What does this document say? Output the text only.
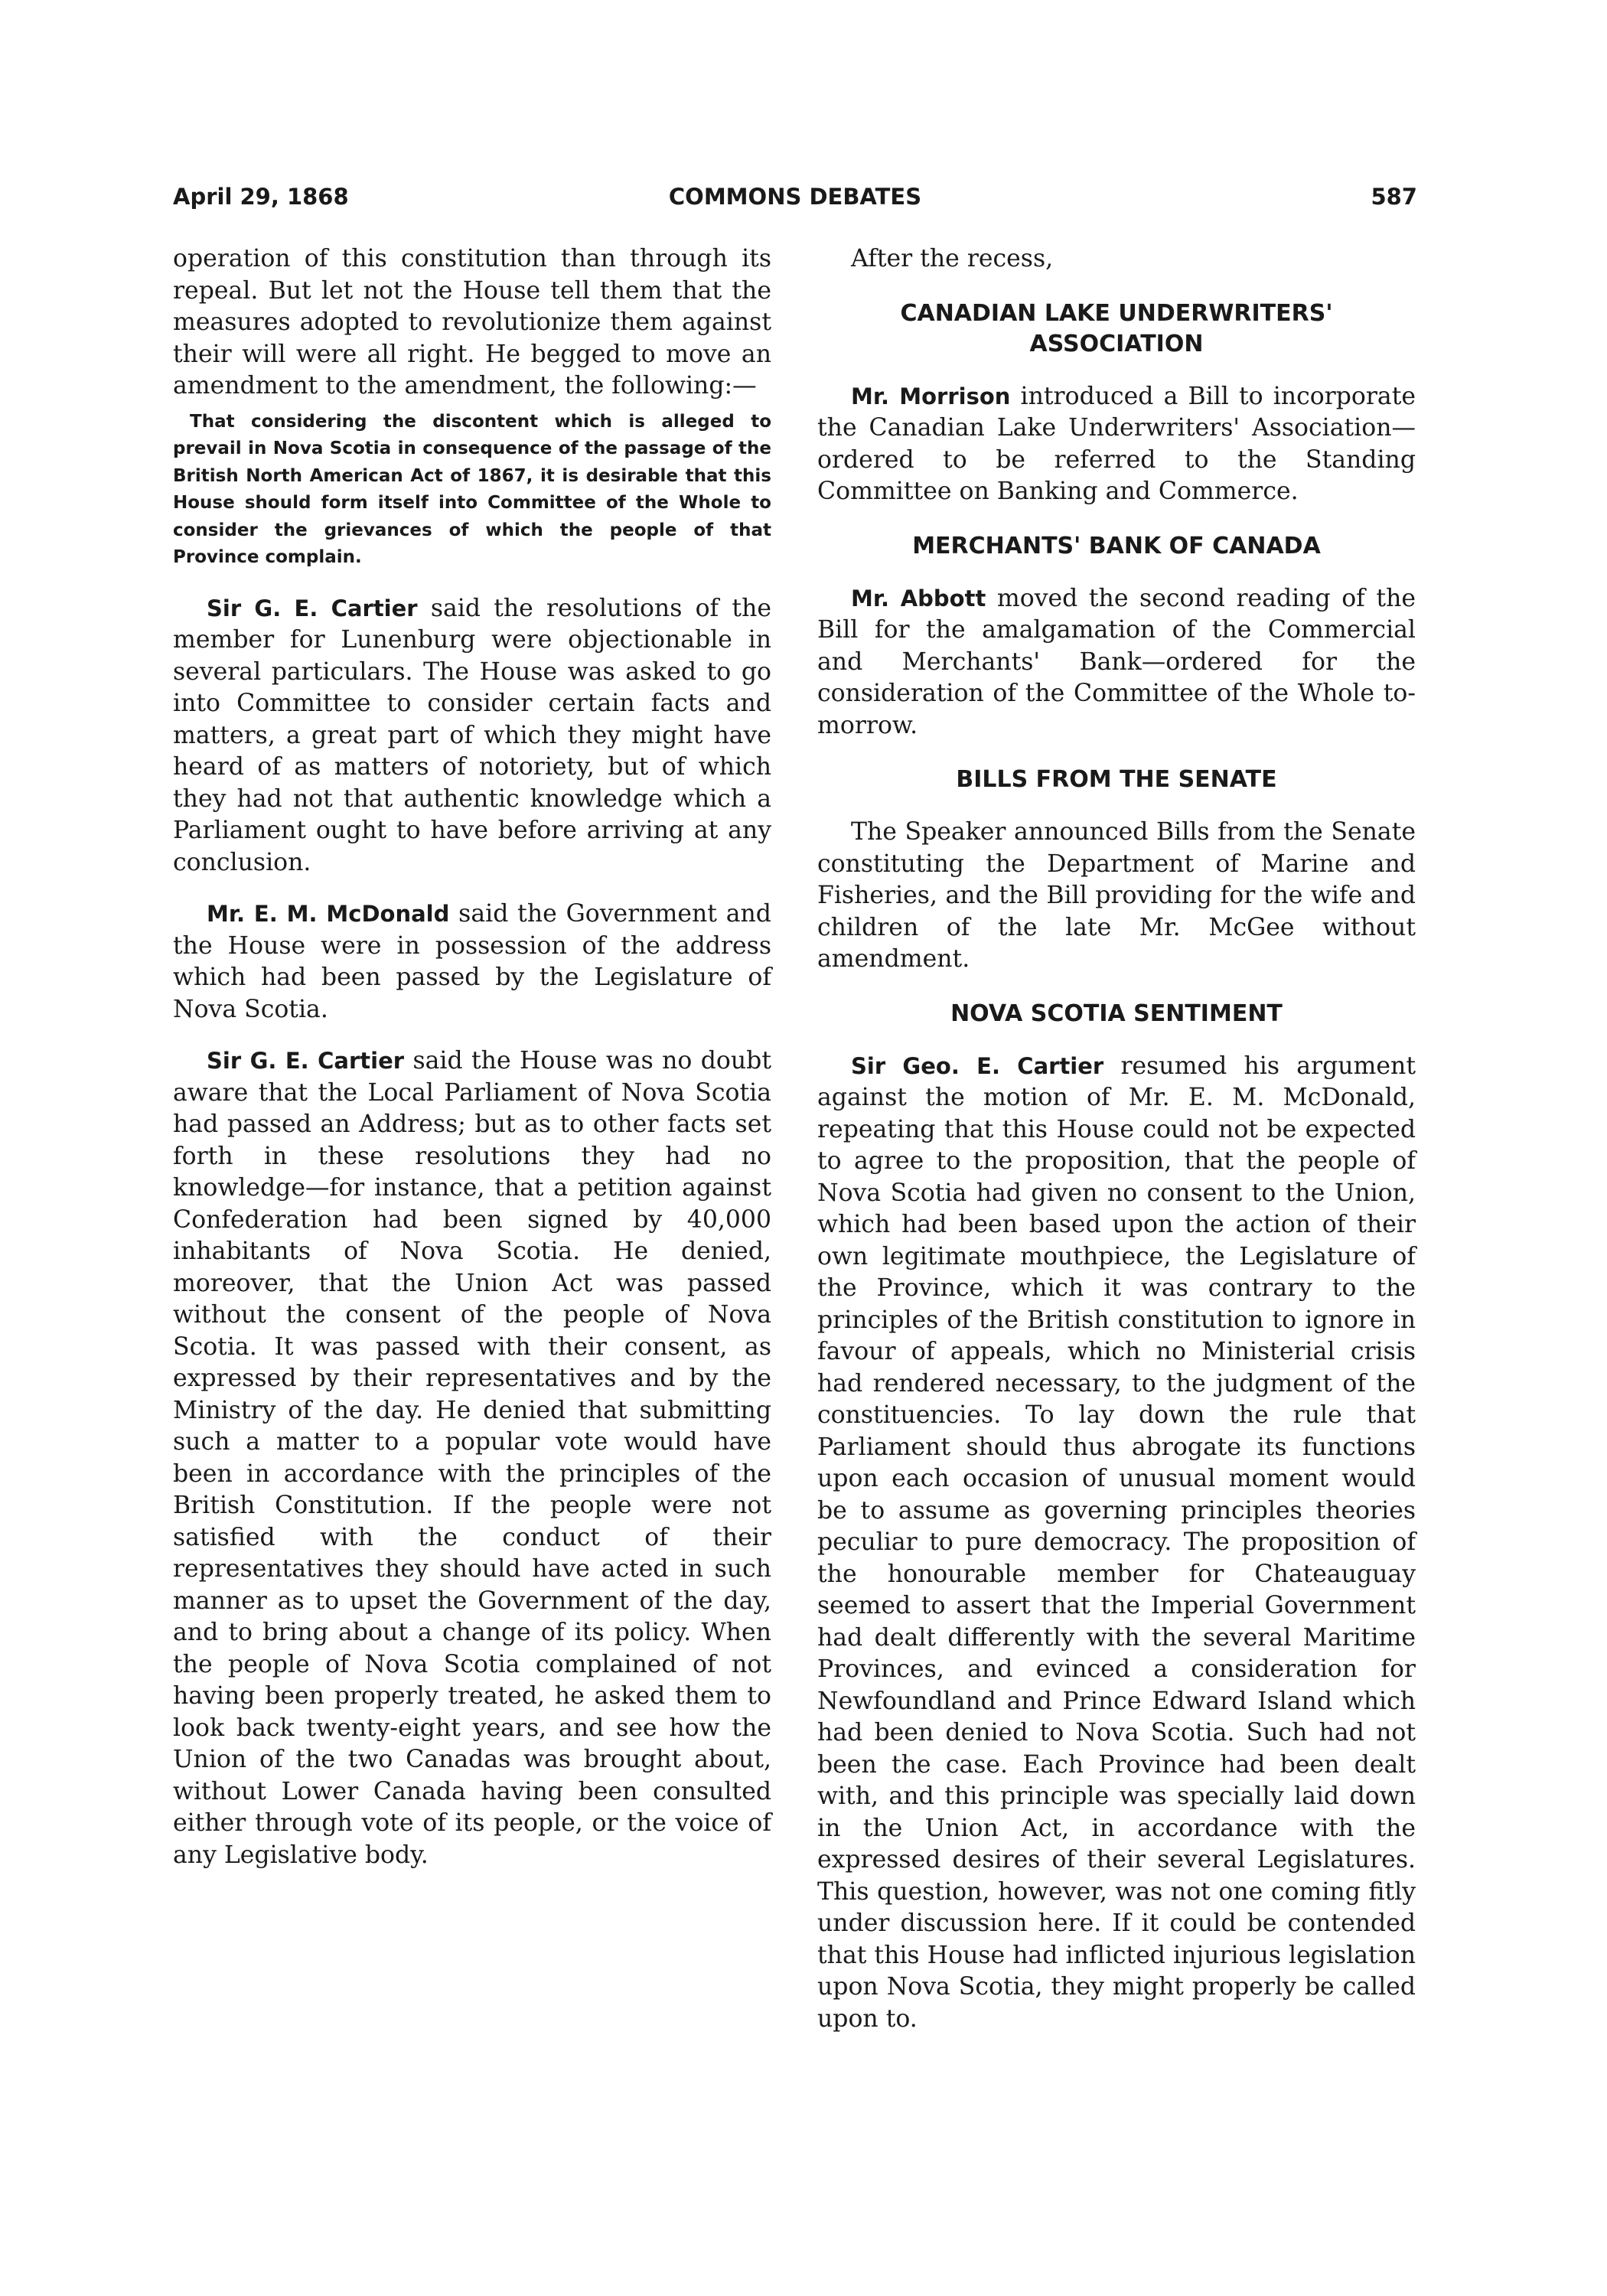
April 29, 1868	COMMONS DEBATES	587

operation of this constitution than through its repeal. But let not the House tell them that the measures adopted to revolutionize them against their will were all right. He begged to move an amendment to the amendment, the following:—

That considering the discontent which is alleged to prevail in Nova Scotia in consequence of the passage of the British North American Act of 1867, it is desirable that this House should form itself into Committee of the Whole to consider the grievances of which the people of that Province complain.

Sir G. E. Cartier said the resolutions of the member for Lunenburg were objectionable in several particulars. The House was asked to go into Committee to consider certain facts and matters, a great part of which they might have heard of as matters of notoriety, but of which they had not that authentic knowledge which a Parliament ought to have before arriving at any conclusion.

Mr. E. M. McDonald said the Government and the House were in possession of the address which had been passed by the Legislature of Nova Scotia.

Sir G. E. Cartier said the House was no doubt aware that the Local Parliament of Nova Scotia had passed an Address; but as to other facts set forth in these resolutions they had no knowledge—for instance, that a petition against Confederation had been signed by 40,000 inhabitants of Nova Scotia. He denied, moreover, that the Union Act was passed without the consent of the people of Nova Scotia. It was passed with their consent, as expressed by their representatives and by the Ministry of the day. He denied that submitting such a matter to a popular vote would have been in accordance with the principles of the British Constitution. If the people were not satisfied with the conduct of their representatives they should have acted in such manner as to upset the Government of the day, and to bring about a change of its policy. When the people of Nova Scotia complained of not having been properly treated, he asked them to look back twenty-eight years, and see how the Union of the two Canadas was brought about, without Lower Canada having been consulted either through vote of its people, or the voice of any Legislative body.

After the recess,

CANADIAN LAKE UNDERWRITERS' ASSOCIATION

Mr. Morrison introduced a Bill to incorporate the Canadian Lake Underwriters' Association—ordered to be referred to the Standing Committee on Banking and Commerce.

MERCHANTS' BANK OF CANADA

Mr. Abbott moved the second reading of the Bill for the amalgamation of the Commercial and Merchants' Bank—ordered for the consideration of the Committee of the Whole to-morrow.

BILLS FROM THE SENATE

The Speaker announced Bills from the Senate constituting the Department of Marine and Fisheries, and the Bill providing for the wife and children of the late Mr. McGee without amendment.

NOVA SCOTIA SENTIMENT

Sir Geo. E. Cartier resumed his argument against the motion of Mr. E. M. McDonald, repeating that this House could not be expected to agree to the proposition, that the people of Nova Scotia had given no consent to the Union, which had been based upon the action of their own legitimate mouthpiece, the Legislature of the Province, which it was contrary to the principles of the British constitution to ignore in favour of appeals, which no Ministerial crisis had rendered necessary, to the judgment of the constituencies. To lay down the rule that Parliament should thus abrogate its functions upon each occasion of unusual moment would be to assume as governing principles theories peculiar to pure democracy. The proposition of the honourable member for Chateauguay seemed to assert that the Imperial Government had dealt differently with the several Maritime Provinces, and evinced a consideration for Newfoundland and Prince Edward Island which had been denied to Nova Scotia. Such had not been the case. Each Province had been dealt with, and this principle was specially laid down in the Union Act, in accordance with the expressed desires of their several Legislatures. This question, however, was not one coming fitly under discussion here. If it could be contended that this House had inflicted injurious legislation upon Nova Scotia, they might properly be called upon to.
